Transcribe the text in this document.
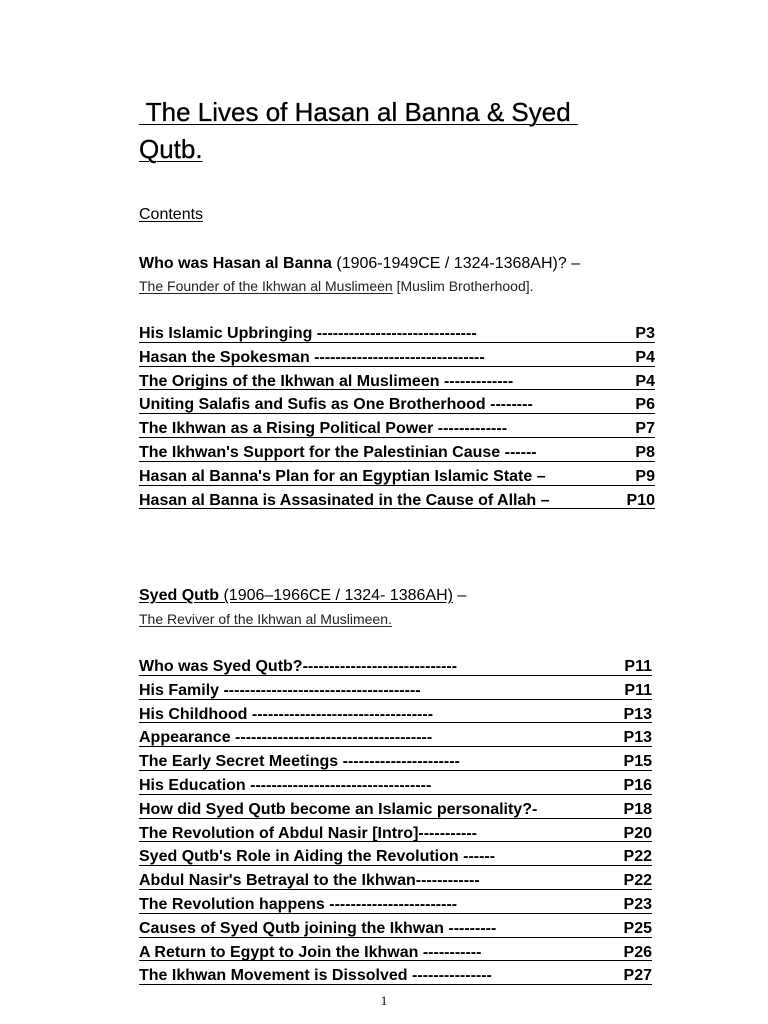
The Lives of Hasan al Banna & Syed
Qutb.
Contents
Who was Hasan al Banna (1906-1949CE / 1324-1368AH)? –
The Founder of the Ikhwan al Muslimeen [Muslim Brotherhood].
His Islamic Upbringing ------------------------------	P3
Hasan the Spokesman --------------------------------	P4
The Origins of the Ikhwan al Muslimeen -------------	P4
Uniting Salafis and Sufis as One Brotherhood --------	P6
The Ikhwan as a Rising Political Power -------------	P7
The Ikhwan's Support for the Palestinian Cause ------	P8
Hasan al Banna's Plan for an Egyptian Islamic State –	P9
Hasan al Banna is Assasinated in the Cause of Allah –	P10
Syed Qutb (1906–1966CE / 1324- 1386AH) –
The Reviver of the Ikhwan al Muslimeen.
Who was Syed Qutb?-----------------------------	P11
His Family -------------------------------------	P11
His Childhood ----------------------------------	P13
Appearance -------------------------------------	P13
The Early Secret Meetings ----------------------	P15
His Education ----------------------------------	P16
How did Syed Qutb become an Islamic personality?-	P18
The Revolution of Abdul Nasir [Intro]-----------	P20
Syed Qutb's Role in Aiding the Revolution ------	P22
Abdul Nasir's Betrayal to the Ikhwan------------	P22
The Revolution happens ------------------------	P23
Causes of Syed Qutb joining the Ikhwan ---------	P25
A Return to Egypt to Join the Ikhwan -----------	P26
The Ikhwan Movement is Dissolved ---------------	P27
1
